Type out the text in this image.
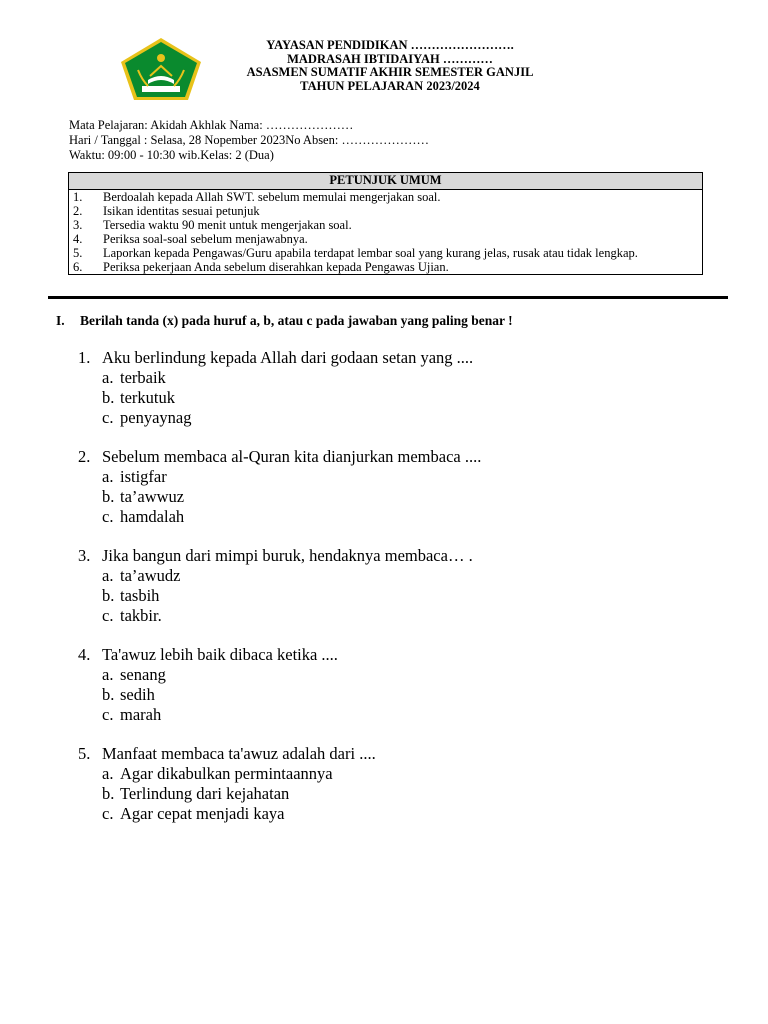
YAYASAN PENDIDIKAN …………………….
MADRASAH IBTIDAIYAH …………
ASASMEN SUMATIF AKHIR SEMESTER GANJIL
TAHUN PELAJARAN 2023/2024
Mata Pelajaran: Akidah Akhlak Nama: …………………
Hari / Tanggal : Selasa, 28 Nopember 2023No Absen: …………………
Waktu: 09:00 - 10:30 wib.Kelas: 2 (Dua)
PETUNJUK UMUM

1.	Berdoalah kepada Allah SWT. sebelum memulai mengerjakan soal.
2.	Isikan identitas sesuai petunjuk
3.	Tersedia waktu 90 menit untuk mengerjakan soal.
4.	Periksa soal-soal sebelum menjawabnya.
5.	Laporkan kepada Pengawas/Guru apabila terdapat lembar soal yang kurang jelas, rusak atau tidak lengkap.
6.	Periksa pekerjaan Anda sebelum diserahkan kepada Pengawas Ujian.
I. Berilah tanda (x) pada huruf a, b, atau c pada jawaban yang paling benar !
1. Aku berlindung kepada Allah dari godaan setan yang ....
a. terbaik
b. terkutuk
c. penyaynag
2. Sebelum membaca al-Quran kita dianjurkan membaca ....
a. istigfar
b. ta’awwuz
c. hamdalah
3. Jika bangun dari mimpi buruk, hendaknya membaca… .
a. ta’awudz
b. tasbih
c. takbir.
4. Ta'awuz lebih baik dibaca ketika ....
a. senang
b. sedih
c. marah
5. Manfaat membaca ta'awuz adalah dari ....
a. Agar dikabulkan permintaannya
b. Terlindung dari kejahatan
c. Agar cepat menjadi kaya
